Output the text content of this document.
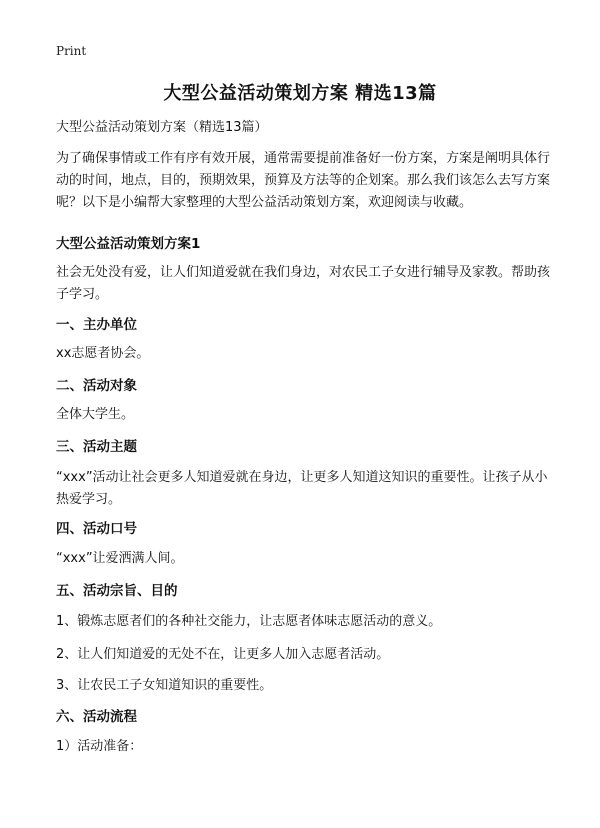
Print
大型公益活动策划方案 精选13篇
大型公益活动策划方案（精选13篇）
为了确保事情或工作有序有效开展，通常需要提前准备好一份方案，方案是阐明具体行动的时间，地点，目的，预期效果，预算及方法等的企划案。那么我们该怎么去写方案呢？以下是小编帮大家整理的大型公益活动策划方案，欢迎阅读与收藏。
大型公益活动策划方案1
社会无处没有爱，让人们知道爱就在我们身边，对农民工子女进行辅导及家教。帮助孩子学习。
一、主办单位
xx志愿者协会。
二、活动对象
全体大学生。
三、活动主题
“xxx”活动让社会更多人知道爱就在身边，让更多人知道这知识的重要性。让孩子从小热爱学习。
四、活动口号
“xxx”让爱洒满人间。
五、活动宗旨、目的
1、锻炼志愿者们的各种社交能力，让志愿者体味志愿活动的意义。
2、让人们知道爱的无处不在，让更多人加入志愿者活动。
3、让农民工子女知道知识的重要性。
六、活动流程
1）活动准备：
